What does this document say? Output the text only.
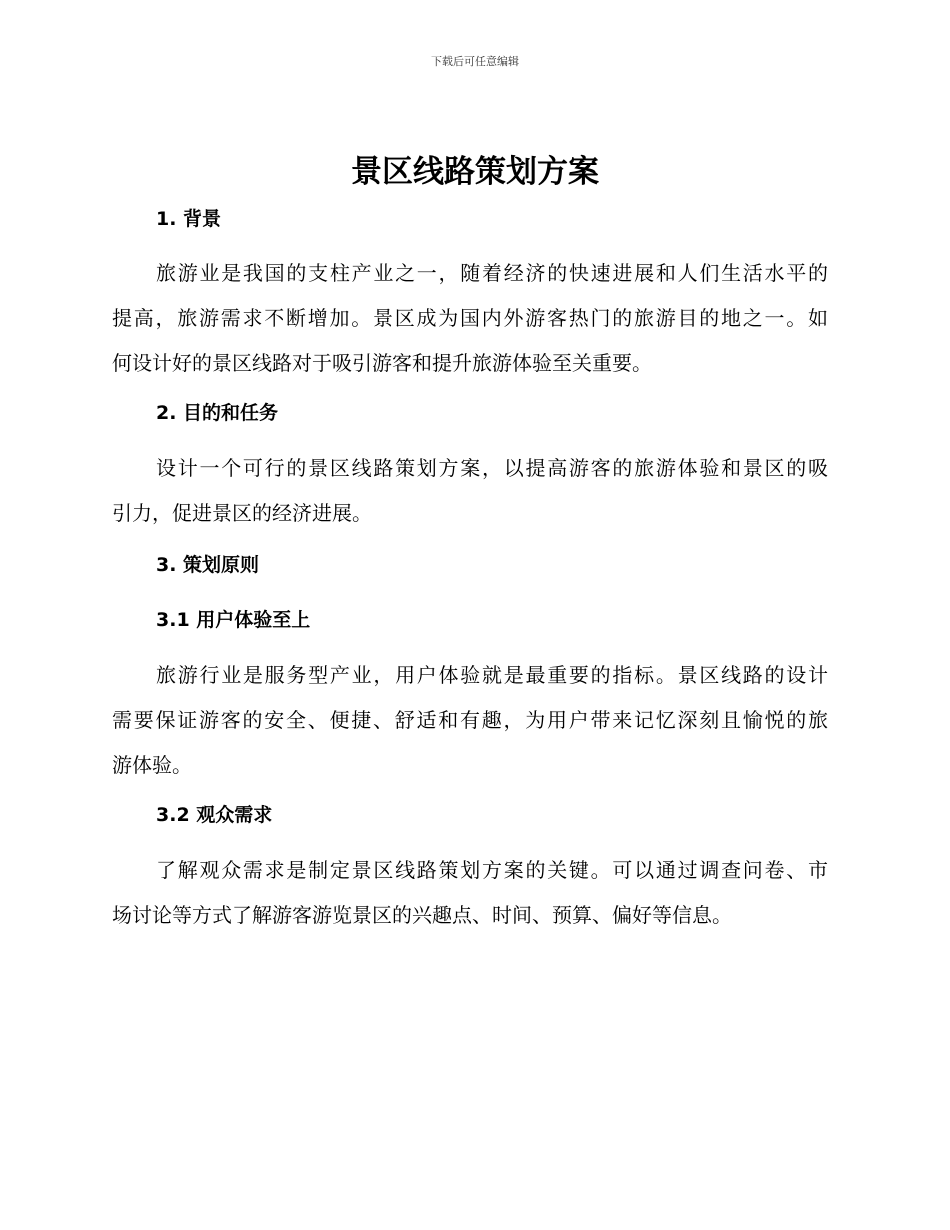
下载后可任意编辑
景区线路策划方案
1. 背景
旅游业是我国的支柱产业之一，随着经济的快速进展和人们生活水平的
提高，旅游需求不断增加。景区成为国内外游客热门的旅游目的地之一。如
何设计好的景区线路对于吸引游客和提升旅游体验至关重要。
2. 目的和任务
设计一个可行的景区线路策划方案，以提高游客的旅游体验和景区的吸
引力，促进景区的经济进展。
3. 策划原则
3.1 用户体验至上
旅游行业是服务型产业，用户体验就是最重要的指标。景区线路的设计
需要保证游客的安全、便捷、舒适和有趣，为用户带来记忆深刻且愉悦的旅
游体验。
3.2 观众需求
了解观众需求是制定景区线路策划方案的关键。可以通过调查问卷、市
场讨论等方式了解游客游览景区的兴趣点、时间、预算、偏好等信息。
